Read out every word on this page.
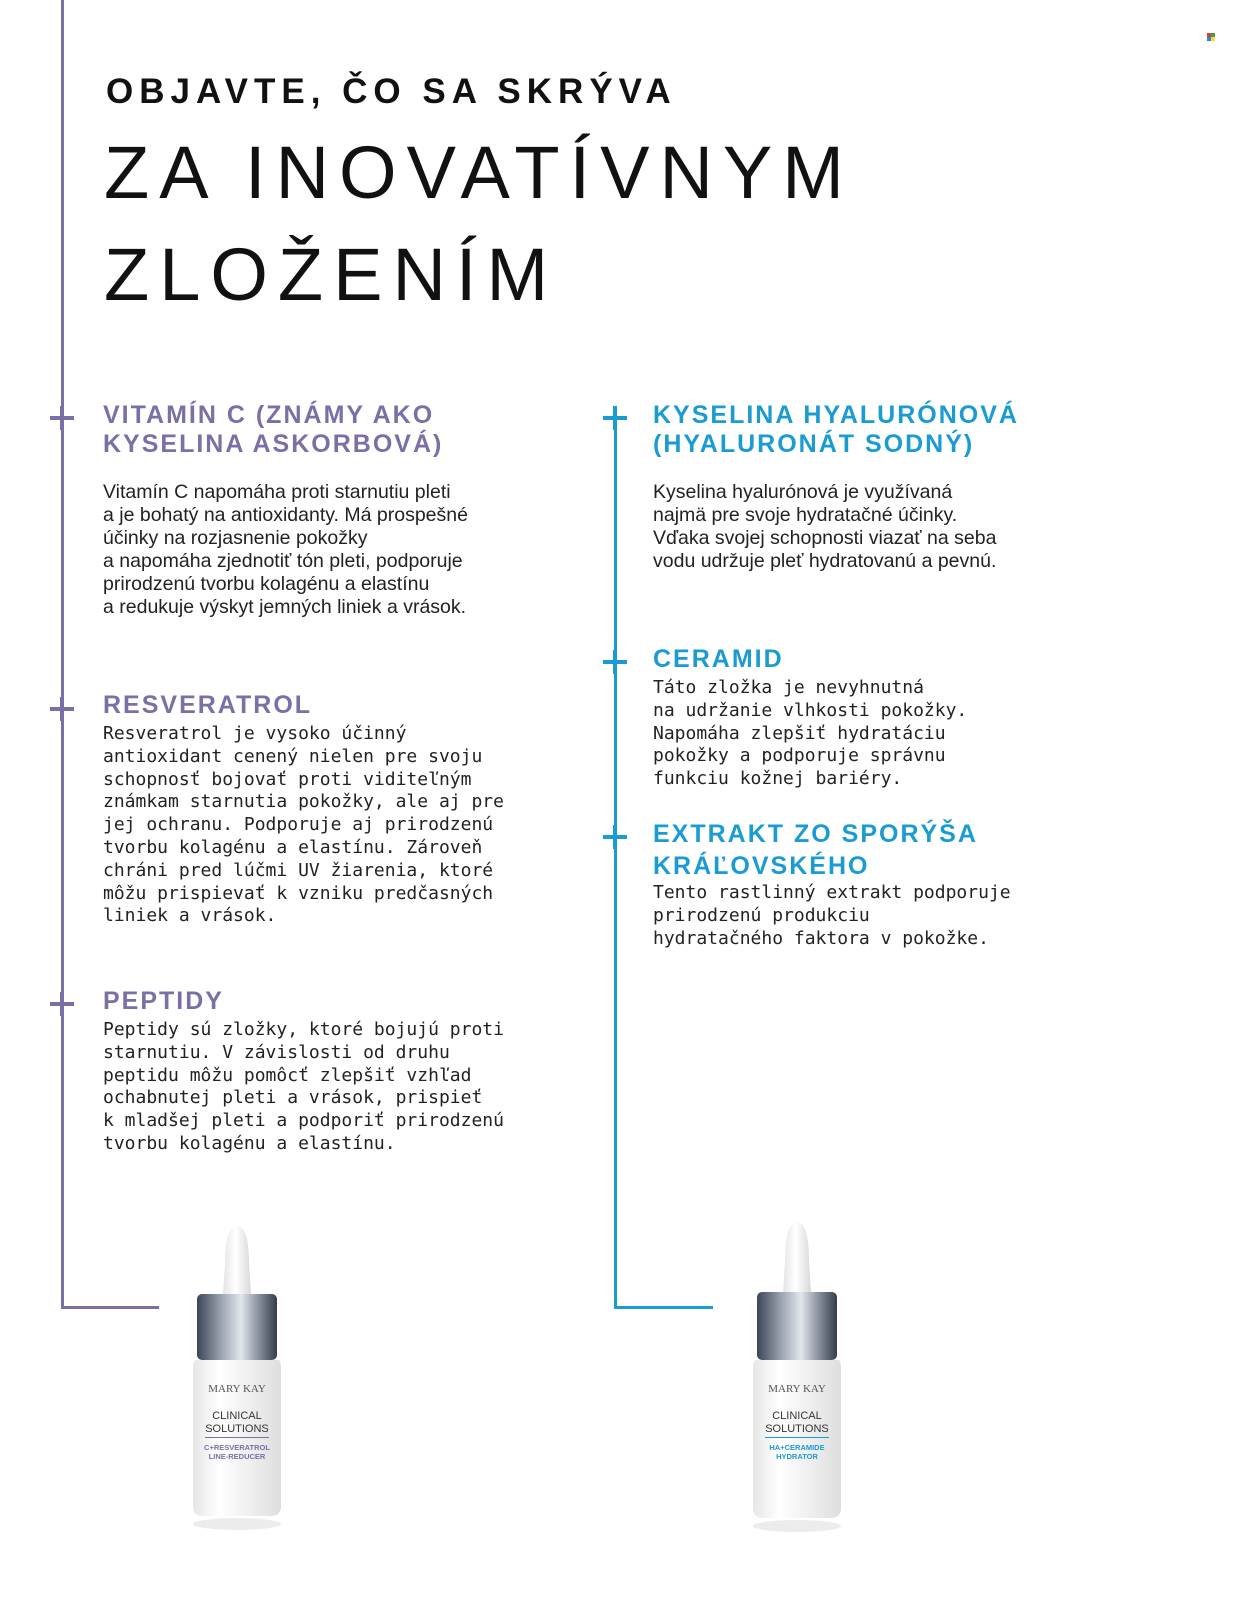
OBJAVTE, ČO SA SKRÝVA
ZA INOVATÍVNYM
ZLOŽENÍM
VITAMÍN C (ZNÁMY AKO
KYSELINA ASKORBOVÁ)
Vitamín C napomáha proti starnutiu pleti
a je bohatý na antioxidanty. Má prospešné
účinky na rozjasnenie pokožky
a napomáha zjednotiť tón pleti, podporuje
prirodzenú tvorbu kolagénu a elastínu
a redukuje výskyt jemných liniek a vrások.
RESVERATROL
Resveratrol je vysoko účinný
antioxidant cenený nielen pre svoju
schopnosť bojovať proti viditeľným
známkam starnutia pokožky, ale aj pre
jej ochranu. Podporuje aj prirodzenú
tvorbu kolagénu a elastínu. Zároveň
chráni pred lúčmi UV žiarenia, ktoré
môžu prispievať k vzniku predčasných
liniek a vrások.
PEPTIDY
Peptidy sú zložky, ktoré bojujú proti
starnutiu. V závislosti od druhu
peptidu môžu pomôcť zlepšiť vzhľad
ochabnutej pleti a vrások, prispieť
k mladšej pleti a podporiť prirodzenú
tvorbu kolagénu a elastínu.
KYSELINA HYALURÓNOVÁ
(HYALURONÁT SODNÝ)
Kyselina hyalurónová je využívaná
najmä pre svoje hydratačné účinky.
Vďaka svojej schopnosti viazať na seba
vodu udržuje pleť hydratovanú a pevnú.
CERAMID
Táto zložka je nevyhnutná
na udržanie vlhkosti pokožky.
Napomáha zlepšiť hydratáciu
pokožky a podporuje správnu
funkciu kožnej bariéry.
EXTRAKT ZO SPORÝŠA
KRÁĽOVSKÉHO
Tento rastlinný extrakt podporuje
prirodzenú produkciu
hydratačného faktora v pokožke.
MARY KAY
CLINICAL
SOLUTIONS
C+RESVERATROL
LINE-REDUCER
MARY KAY
CLINICAL
SOLUTIONS
HA+CERAMIDE
HYDRATOR
